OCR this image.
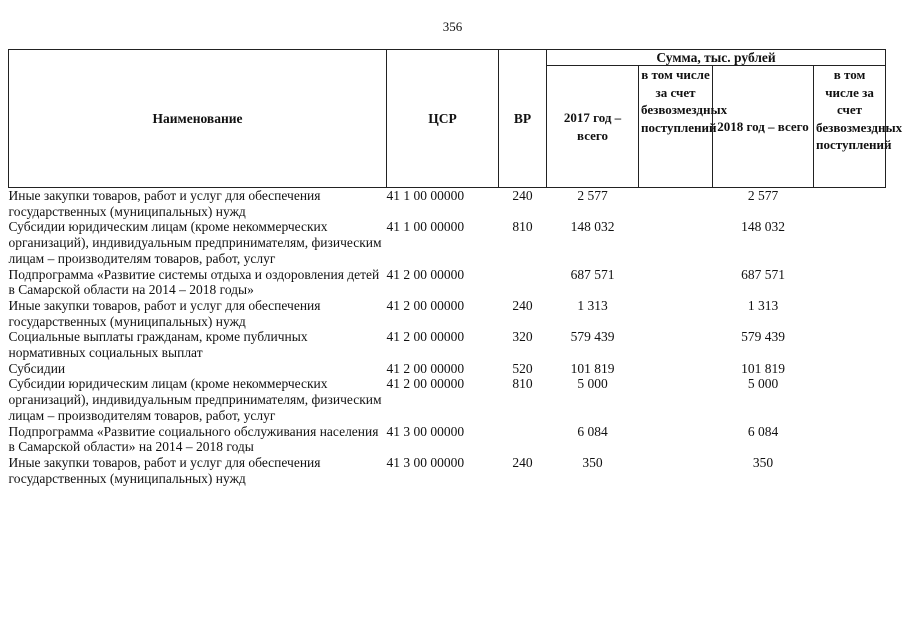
356
Наименование	ЦСР	ВР	Сумма, тыс. рублей			
			2017 год – всего	в том числе за счет безвозмездных поступлений	2018 год – всего	в том числе за счет безвозмездных поступлений
Иные закупки товаров, работ и услуг для обеспечения государственных (муниципальных) нужд	41 1 00 00000	240	2 577		2 577	
Субсидии юридическим лицам (кроме некоммерческих организаций), индивидуальным предпринимателям, физическим лицам – производителям товаров, работ, услуг	41 1 00 00000	810	148 032		148 032	
Подпрограмма «Развитие системы отдыха и оздоровления детей в Самарской области на 2014 – 2018 годы»	41 2 00 00000		687 571		687 571	
Иные закупки товаров, работ и услуг для обеспечения государственных (муниципальных) нужд	41 2 00 00000	240	1 313		1 313	
Социальные выплаты гражданам, кроме публичных нормативных социальных выплат	41 2 00 00000	320	579 439		579 439	
Субсидии	41 2 00 00000	520	101 819		101 819	
Субсидии юридическим лицам (кроме некоммерческих организаций), индивидуальным предпринимателям, физическим лицам – производителям товаров, работ, услуг	41 2 00 00000	810	5 000		5 000	
Подпрограмма «Развитие социального обслуживания населения в Самарской области» на 2014 – 2018 годы	41 3 00 00000		6 084		6 084	
Иные закупки товаров, работ и услуг для обеспечения государственных (муниципальных) нужд	41 3 00 00000	240	350		350	
